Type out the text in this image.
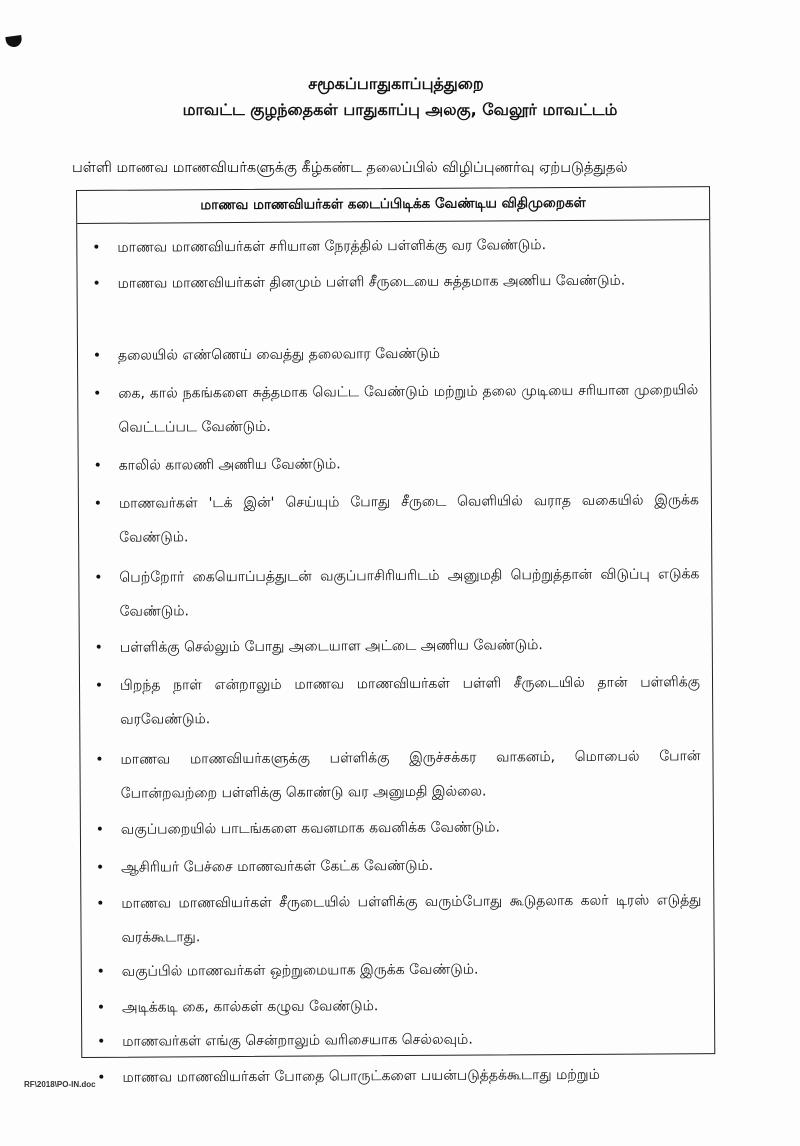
சமூகப்பாதுகாப்புத்துறை
மாவட்ட குழந்தைகள் பாதுகாப்பு அலகு, வேலூர் மாவட்டம்
பள்ளி மாணவ மாணவியர்களுக்கு கீழ்கண்ட தலைப்பில் விழிப்புணர்வு ஏற்படுத்துதல்
மாணவ மாணவியர்கள் கடைப்பிடிக்க வேண்டிய விதிமுறைகள்
•	மாணவ மாணவியர்கள் சரியான நேரத்தில் பள்ளிக்கு வர வேண்டும்.
•	மாணவ மாணவியர்கள் தினமும் பள்ளி சீருடையை சுத்தமாக அணிய வேண்டும்.
•	தலையில் எண்ணெய் வைத்து தலைவார வேண்டும்
•	கை, கால் நகங்களை சுத்தமாக வெட்ட வேண்டும் மற்றும் தலை முடியை சரியான முறையில் வெட்டப்பட வேண்டும்.
•	காலில் காலணி அணிய வேண்டும்.
•	மாணவர்கள் 'டக் இன்' செய்யும் போது சீருடை வெளியில் வராத வகையில் இருக்க வேண்டும்.
•	பெற்றோர் கையொப்பத்துடன் வகுப்பாசிரியரிடம் அனுமதி பெற்றுத்தான் விடுப்பு எடுக்க வேண்டும்.
•	பள்ளிக்கு செல்லும் போது அடையாள அட்டை அணிய வேண்டும்.
•	பிறந்த நாள் என்றாலும் மாணவ மாணவியர்கள் பள்ளி சீருடையில் தான் பள்ளிக்கு வரவேண்டும்.
•	மாணவ மாணவியர்களுக்கு பள்ளிக்கு இருச்சக்கர வாகனம், மொபைல் போன் போன்றவற்றை பள்ளிக்கு கொண்டு வர அனுமதி இல்லை.
•	வகுப்பறையில் பாடங்களை கவனமாக கவனிக்க வேண்டும்.
•	ஆசிரியர் பேச்சை மாணவர்கள் கேட்க வேண்டும்.
•	மாணவ மாணவியர்கள் சீருடையில் பள்ளிக்கு வரும்போது கூடுதலாக கலர் டிரஸ் எடுத்து வரக்கூடாது.
•	வகுப்பில் மாணவர்கள் ஒற்றுமையாக இருக்க வேண்டும்.
•	அடிக்கடி கை, கால்கள் கழுவ வேண்டும்.
•	மாணவர்கள் எங்கு சென்றாலும் வரிசையாக செல்லவும்.
•	மாணவ மாணவியர்கள் போதை பொருட்களை பயன்படுத்தக்கூடாது மற்றும்
RF\2018\PO-IN.doc
